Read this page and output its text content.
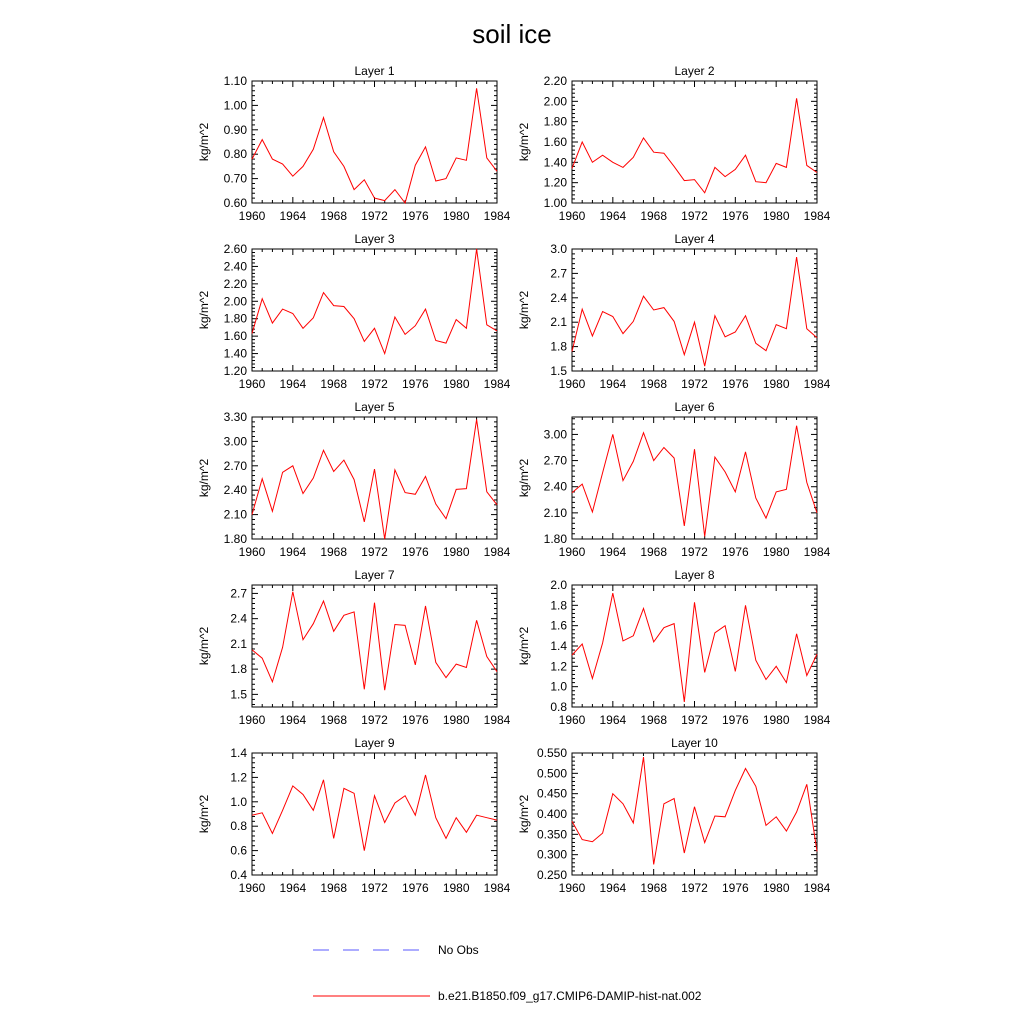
soil ice
Layer 1
kg/m^2
1960 1964 1968 1972 1976 1980 1984
0.60
0.70
0.80
0.90
1.00
1.10
Layer 2
kg/m^2
1960 1964 1968 1972 1976 1980 1984
1.00
1.20
1.40
1.60
1.80
2.00
2.20
Layer 3
kg/m^2
1960 1964 1968 1972 1976 1980 1984
1.20
1.40
1.60
1.80
2.00
2.20
2.40
2.60
Layer 4
kg/m^2
1960 1964 1968 1972 1976 1980 1984
1.5
1.8
2.1
2.4
2.7
3.0
Layer 5
kg/m^2
1960 1964 1968 1972 1976 1980 1984
1.80
2.10
2.40
2.70
3.00
3.30
Layer 6
kg/m^2
1960 1964 1968 1972 1976 1980 1984
1.80
2.10
2.40
2.70
3.00
Layer 7
kg/m^2
1960 1964 1968 1972 1976 1980 1984
1.5
1.8
2.1
2.4
2.7
Layer 8
kg/m^2
1960 1964 1968 1972 1976 1980 1984
0.8
1.0
1.2
1.4
1.6
1.8
2.0
Layer 9
kg/m^2
1960 1964 1968 1972 1976 1980 1984
0.4
0.6
0.8
1.0
1.2
1.4
Layer 10
kg/m^2
1960 1964 1968 1972 1976 1980 1984
0.250
0.300
0.350
0.400
0.450
0.500
0.550
No Obs
b.e21.B1850.f09_g17.CMIP6-DAMIP-hist-nat.002
